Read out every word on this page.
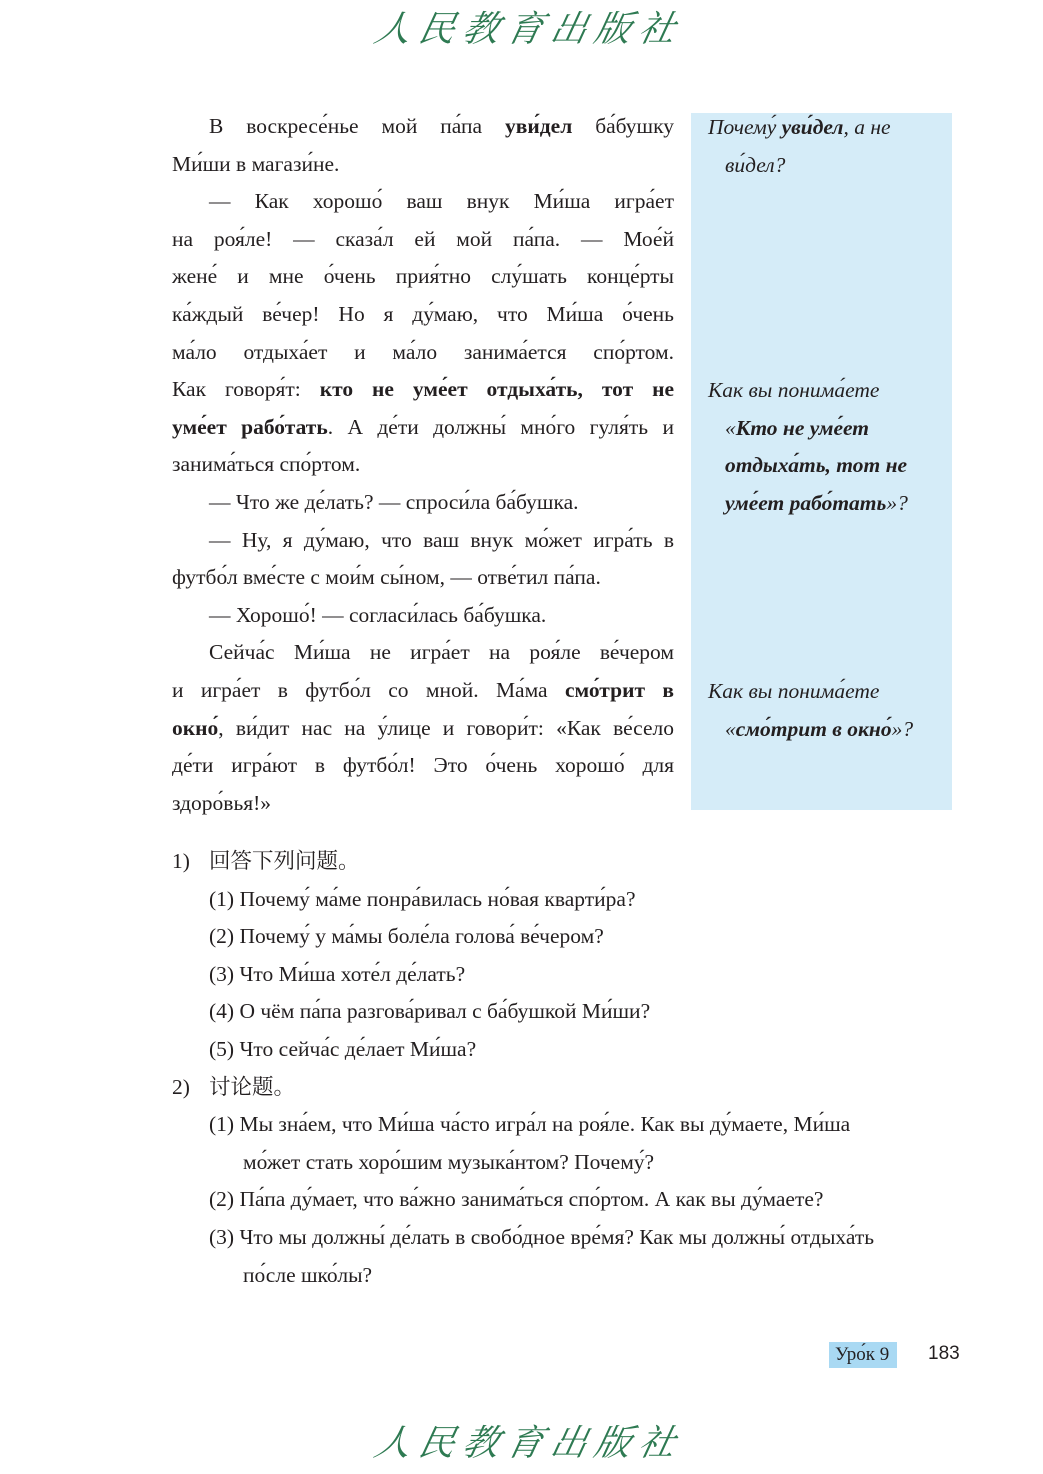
人民教育出版社
Почему́ уви́дел, а не
ви́дел?
Как вы понима́ете
«Кто не уме́ет
отдыха́ть, тот не
уме́ет рабо́тать»?
Как вы понима́ете
«смо́трит в окно́»?
В воскресе́нье мой па́па уви́дел ба́бушку
Ми́ши в магази́не.
— Как хорошо́ ваш внук Ми́ша игра́ет
на роя́ле! — сказа́л ей мой па́па. — Мое́й
жене́ и мне о́чень прия́тно слу́шать конце́рты
ка́ждый ве́чер! Но я ду́маю, что Ми́ша о́чень
ма́ло отдыха́ет и ма́ло занима́ется спо́ртом.
Как говоря́т: кто не уме́ет отдыха́ть, тот не
уме́ет рабо́тать. А де́ти должны́ мно́го гуля́ть и
занима́ться спо́ртом.
— Что же де́лать? — спроси́ла ба́бушка.
— Ну, я ду́маю, что ваш внук мо́жет игра́ть в
футбо́л вме́сте с мои́м сы́ном, — отве́тил па́па.
— Хорошо́! — согласи́лась ба́бушка.
Сейча́с Ми́ша не игра́ет на роя́ле ве́чером
и игра́ет в футбо́л со мной. Ма́ма смо́трит в
окно́, ви́дит нас на у́лице и говори́т: «Как ве́село
де́ти игра́ют в футбо́л! Это о́чень хорошо́ для
здоро́вья!»
1) 回答下列问题。
(1) Почему́ ма́ме понра́вилась но́вая кварти́ра?
(2) Почему́ у ма́мы боле́ла голова́ ве́чером?
(3) Что Ми́ша хоте́л де́лать?
(4) О чём па́па разгова́ривал с ба́бушкой Ми́ши?
(5) Что сейча́с де́лает Ми́ша?
2) 讨论题。
(1) Мы зна́ем, что Ми́ша ча́сто игра́л на роя́ле. Как вы ду́маете, Ми́ша
мо́жет стать хоро́шим музыка́нтом? Почему́?
(2) Па́па ду́мает, что ва́жно занима́ться спо́ртом. А как вы ду́маете?
(3) Что мы должны́ де́лать в свобо́дное вре́мя? Как мы должны́ отдыха́ть
по́сле шко́лы?
Уро́к 9	183
人民教育出版社
